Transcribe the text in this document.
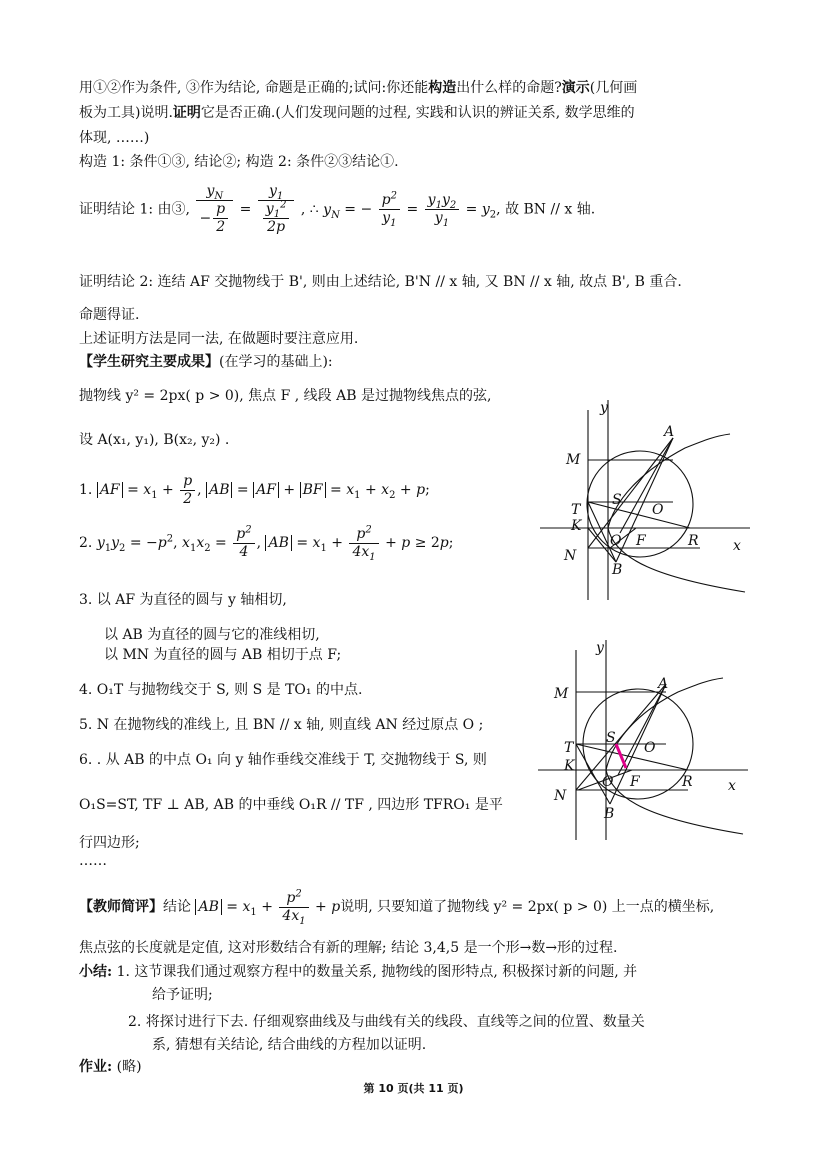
用①②作为条件, ③作为结论, 命题是正确的;试问:你还能构造出什么样的命题?演示(几何画
板为工具)说明.证明它是否正确.(人们发现问题的过程, 实践和认识的辨证关系, 数学思维的
体现, ……)
构造 1: 条件①③, 结论②; 构造 2: 条件②③结论①.
证明结论 1: 由③, $\frac{y_N}{- \frac{p}{2}} = \frac{y_1}{\frac{y_1^2}{2p}}$ , ∴ $y_N$ = − $\frac{p^2}{y_1} = \frac{y_1y_2}{y_1} = y_2$, 故 BN // x 轴.
证明结论 2: 连结 AF 交抛物线于 B', 则由上述结论, B'N // x 轴, 又 BN // x 轴, 故点 B', B 重合.
命题得证.
上述证明方法是同一法, 在做题时要注意应用.
【学生研究主要成果】(在学习的基础上):
抛物线 y² = 2px( p > 0), 焦点 F , 线段 AB 是过抛物线焦点的弦,
设 A(x₁, y₁), B(x₂, y₂) .
1. AF = $x_1 + \frac{p}{2}$ , AB = AF + BF = $x_1 + x_2 + p$;
2. $y_1y_2 = -p^2$, $x_1x_2 = \frac{p^2}{4}$ , AB = $x_1 + \frac{p^2}{4x_1} + p \ge 2p$;
3. 以 AF 为直径的圆与 y 轴相切,
以 AB 为直径的圆与它的准线相切,
以 MN 为直径的圆与 AB 相切于点 F;
4. O₁T 与抛物线交于 S, 则 S 是 TO₁ 的中点.
5. N 在抛物线的准线上, 且 BN // x 轴, 则直线 AN 经过原点 O ;
6. . 从 AB 的中点 O₁ 向 y 轴作垂线交准线于 T, 交抛物线于 S, 则
O₁S=ST, TF ⊥ AB, AB 的中垂线 O₁R // TF , 四边形 TFRO₁ 是平
行四边形;
……
【教师简评】结论 AB = $x_1 + \frac{p^2}{4x_1} + p$说明, 只要知道了抛物线 y² = 2px( p > 0) 上一点的横坐标,
焦点弦的长度就是定值, 这对形数结合有新的理解; 结论 3,4,5 是一个形→数→形的过程.
小结: 1. 这节课我们通过观察方程中的数量关系, 抛物线的图形特点, 积极探讨新的问题, 并
给予证明;
2. 将探讨进行下去. 仔细观察曲线及与曲线有关的线段、直线等之间的位置、数量关
系, 猜想有关结论, 结合曲线的方程加以证明.
作业: (略)
第 10 页(共 11 页)
y
x
A
M
S
O
T
K
N
O F	R
B
y
x
A
M
S
O
T
K
N
O F	R
B
